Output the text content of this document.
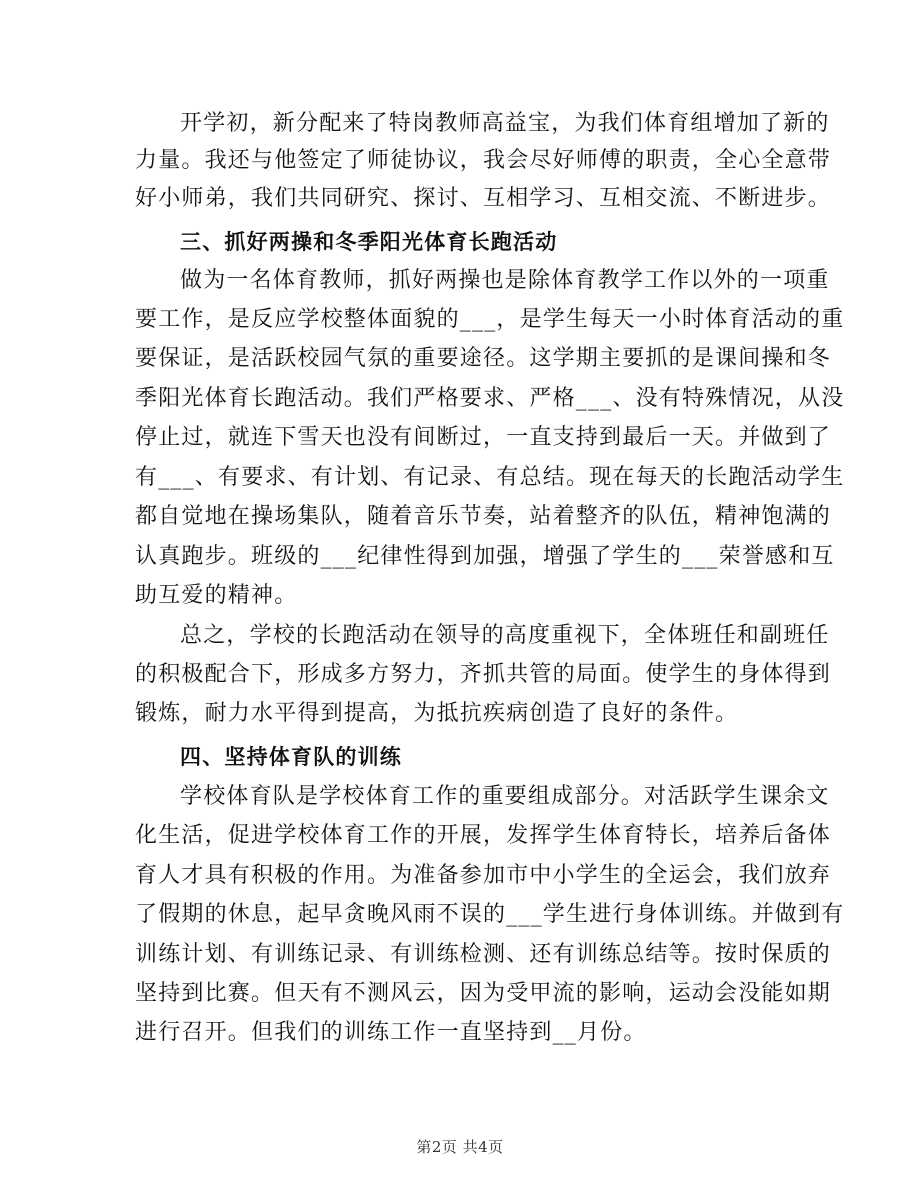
开学初，新分配来了特岗教师高益宝，为我们体育组增加了新的
力量。我还与他签定了师徒协议，我会尽好师傅的职责，全心全意带
好小师弟，我们共同研究、探讨、互相学习、互相交流、不断进步。
三、抓好两操和冬季阳光体育长跑活动
做为一名体育教师，抓好两操也是除体育教学工作以外的一项重
要工作，是反应学校整体面貌的___，是学生每天一小时体育活动的重
要保证，是活跃校园气氛的重要途径。这学期主要抓的是课间操和冬
季阳光体育长跑活动。我们严格要求、严格___、没有特殊情况，从没
停止过，就连下雪天也没有间断过，一直支持到最后一天。并做到了
有___、有要求、有计划、有记录、有总结。现在每天的长跑活动学生
都自觉地在操场集队，随着音乐节奏，站着整齐的队伍，精神饱满的
认真跑步。班级的___纪律性得到加强，增强了学生的___荣誉感和互
助互爱的精神。
总之，学校的长跑活动在领导的高度重视下，全体班任和副班任
的积极配合下，形成多方努力，齐抓共管的局面。使学生的身体得到
锻炼，耐力水平得到提高，为抵抗疾病创造了良好的条件。
四、坚持体育队的训练
学校体育队是学校体育工作的重要组成部分。对活跃学生课余文
化生活，促进学校体育工作的开展，发挥学生体育特长，培养后备体
育人才具有积极的作用。为准备参加市中小学生的全运会，我们放弃
了假期的休息，起早贪晚风雨不误的___学生进行身体训练。并做到有
训练计划、有训练记录、有训练检测、还有训练总结等。按时保质的
坚持到比赛。但天有不测风云，因为受甲流的影响，运动会没能如期
进行召开。但我们的训练工作一直坚持到__月份。
第2页 共4页
